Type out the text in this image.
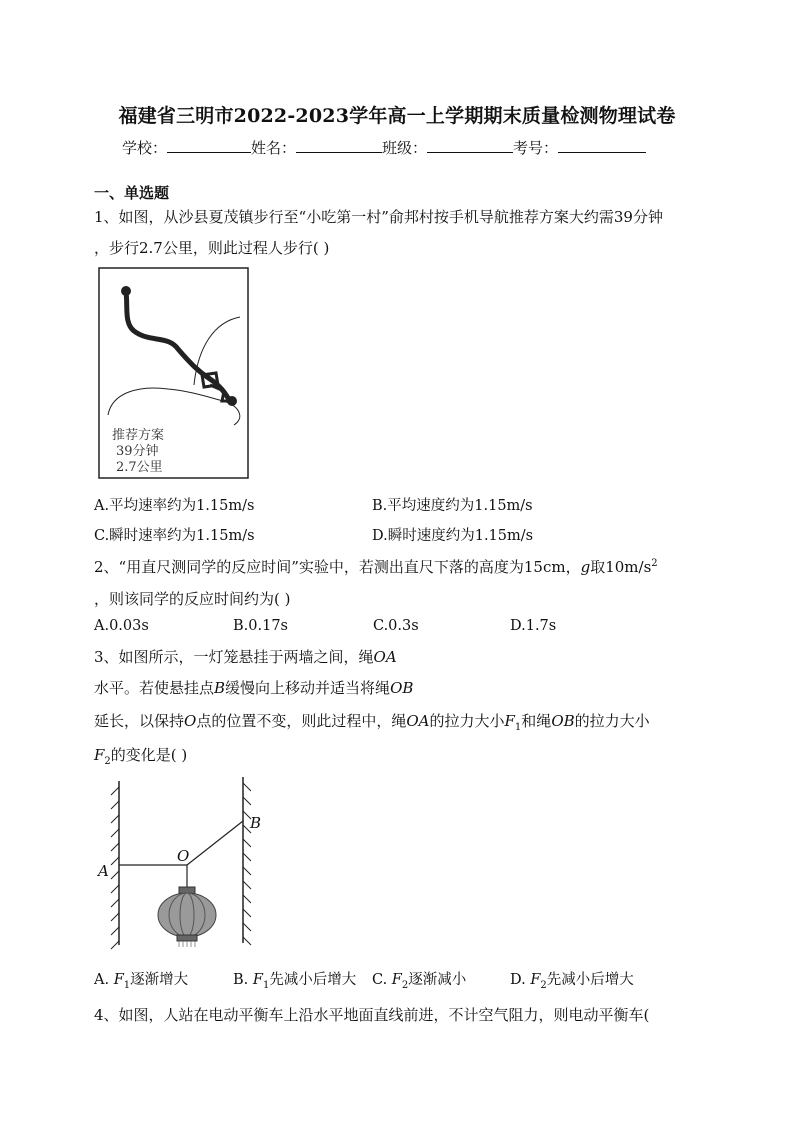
福建省三明市2022-2023学年高一上学期期末质量检测物理试卷
学校：	姓名：	班级：	考号：
一、单选题
1、如图，从沙县夏茂镇步行至“小吃第一村”俞邦村按手机导航推荐方案大约需39分钟
，步行2.7公里，则此过程人步行( )
推荐方案
39分钟
2.7公里
A.平均速率约为1.15m/s	B.平均速度约为1.15m/s
C.瞬时速率约为1.15m/s	D.瞬时速度约为1.15m/s
2、“用直尺测同学的反应时间”实验中，若测出直尺下落的高度为15cm，g取$10m/s^2$
，则该同学的反应时间约为( )
A.0.03s	B.0.17s	C.0.3s	D.1.7s
3、如图所示，一灯笼悬挂于两墙之间，绳OA
水平。若使悬挂点B缓慢向上移动并适当将绳OB
延长，以保持O点的位置不变，则此过程中，绳OA的拉力大小$F_1$和绳OB的拉力大小
$F_2$的变化是( )
A
O
B
A. $F_1$逐渐增大	B. $F_1$先减小后增大 C. $F_2$逐渐减小	D. $F_2$先减小后增大
4、如图，人站在电动平衡车上沿水平地面直线前进，不计空气阻力，则电动平衡车(
